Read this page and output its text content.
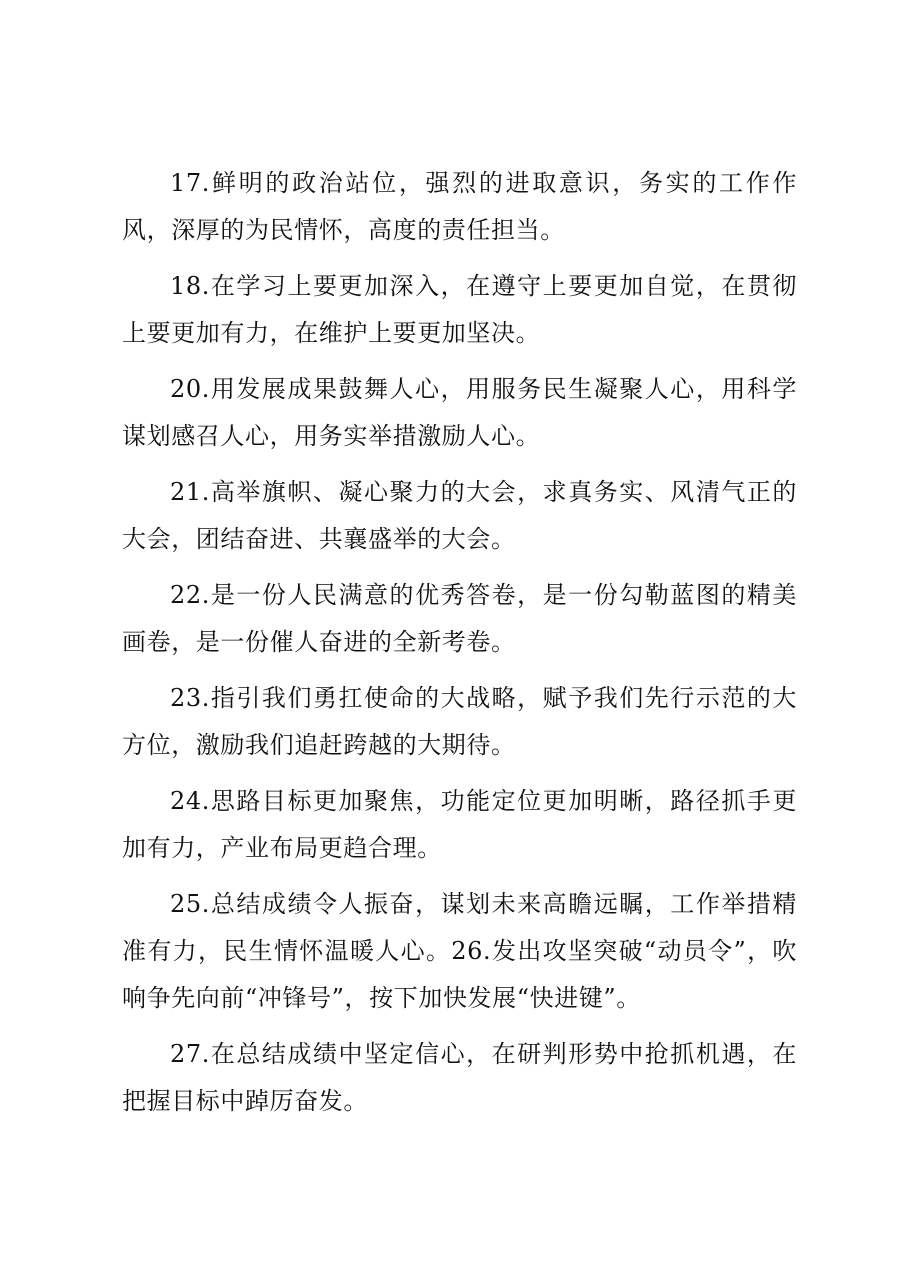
17.鲜明的政治站位，强烈的进取意识，务实的工作作风，深厚的为民情怀，高度的责任担当。

18.在学习上要更加深入，在遵守上要更加自觉，在贯彻上要更加有力，在维护上要更加坚决。

20.用发展成果鼓舞人心，用服务民生凝聚人心，用科学谋划感召人心，用务实举措激励人心。

21.高举旗帜、凝心聚力的大会，求真务实、风清气正的大会，团结奋进、共襄盛举的大会。

22.是一份人民满意的优秀答卷，是一份勾勒蓝图的精美画卷，是一份催人奋进的全新考卷。

23.指引我们勇扛使命的大战略，赋予我们先行示范的大方位，激励我们追赶跨越的大期待。

24.思路目标更加聚焦，功能定位更加明晰，路径抓手更加有力，产业布局更趋合理。

25.总结成绩令人振奋，谋划未来高瞻远瞩，工作举措精准有力，民生情怀温暖人心。26.发出攻坚突破“动员令”，吹响争先向前“冲锋号”，按下加快发展“快进键”。

27.在总结成绩中坚定信心，在研判形势中抢抓机遇，在把握目标中踔厉奋发。
